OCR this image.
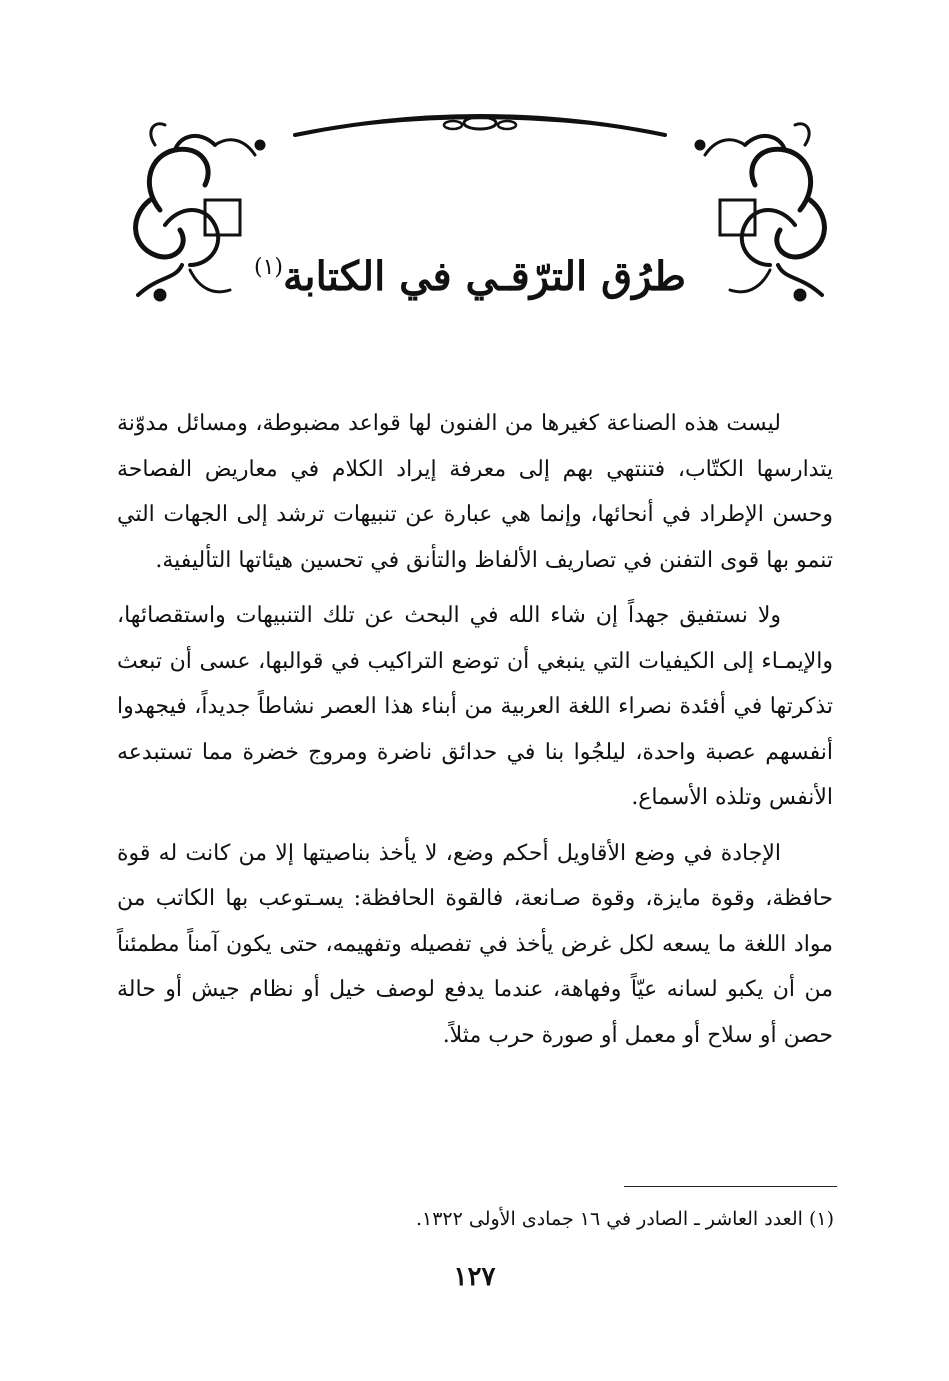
طرُق الترّقـي في الكتابة$^{(١)}$

ليست هذه الصناعة كغيرها من الفنون لها قواعد مضبوطة، ومسائل مدوّنة يتدارسها الكتّاب، فتنتهي بهم إلى معرفة إيراد الكلام في معاريض الفصاحة وحسن الإطراد في أنحائها، وإنما هي عبارة عن تنبيهات ترشد إلى الجهات التي تنمو بها قوى التفنن في تصاريف الألفاظ والتأنق في تحسين هيئاتها التأليفية.

ولا نستفيق جهداً إن شاء الله في البحث عن تلك التنبيهات واستقصائها، والإيمـاء إلى الكيفيات التي ينبغي أن توضع التراكيب في قوالبها، عسى أن تبعث تذكرتها في أفئدة نصراء اللغة العربية من أبناء هذا العصر نشاطاً جديداً، فيجهدوا أنفسهم عصبة واحدة، ليلجُوا بنا في حدائق ناضرة ومروج خضرة مما تستبدعه الأنفس وتلذه الأسماع.

الإجادة في وضع الأقاويل أحكم وضع، لا يأخذ بناصيتها إلا من كانت له قوة حافظة، وقوة مايزة، وقوة صـانعة، فالقوة الحافظة: يسـتوعب بها الكاتب من مواد اللغة ما يسعه لكل غرض يأخذ في تفصيله وتفهيمه، حتى يكون آمناً مطمئناً من أن يكبو لسانه عيّاً وفهاهة، عندما يدفع لوصف خيل أو نظام جيش أو حالة حصن أو سلاح أو معمل أو صورة حرب مثلاً.

(١) العدد العاشر ـ الصادر في ١٦ جمادى الأولى ١٣٢٢.
١٢٧
